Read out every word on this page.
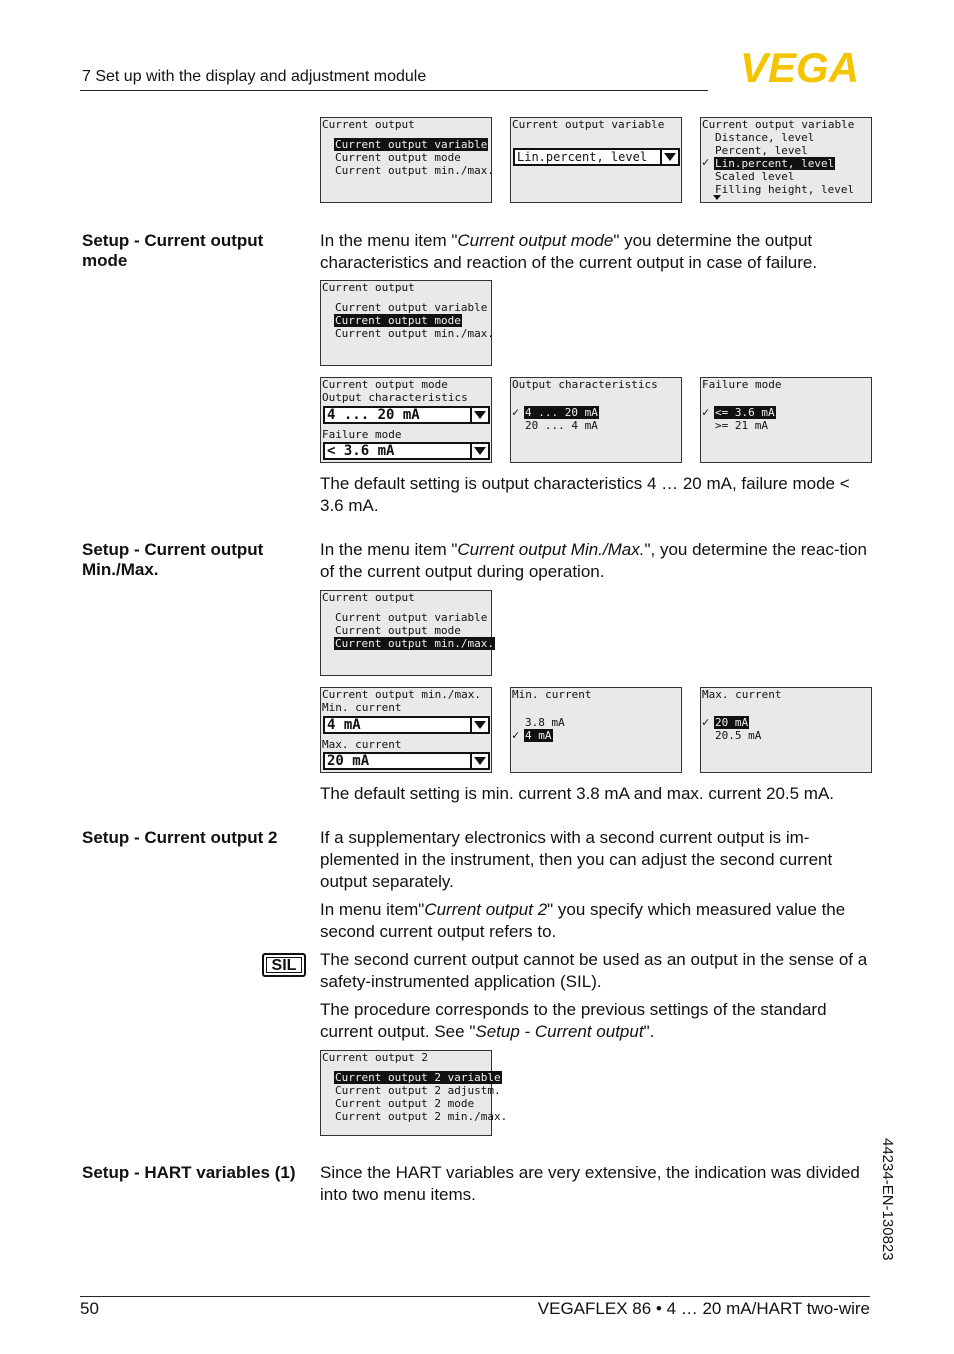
7 Set up with the display and adjustment module	VEGA
Current output
Current output variable
Current output mode
Current output min./max.
Current output variable
Lin.percent, level
Current output variable
Distance, level
Percent, level
✓ Lin.percent, level
Scaled level
Filling height, level
Setup - Current output mode
In the menu item "Current output mode" you determine the output characteristics and reaction of the current output in case of failure.
Current output
Current output variable
Current output mode
Current output min./max.
Current output mode
Output characteristics
4 ... 20 mA
Failure mode
< 3.6 mA
Output characteristics
✓ 4 ... 20 mA
20 ... 4 mA
Failure mode
✓ <= 3.6 mA
>= 21 mA
The default setting is output characteristics 4 … 20 mA, failure mode < 3.6 mA.
Setup - Current output Min./Max.
In the menu item "Current output Min./Max.", you determine the reac-tion of the current output during operation.
Current output
Current output variable
Current output mode
Current output min./max.
Current output min./max.
Min. current
4 mA
Max. current
20 mA
Min. current
3.8 mA
✓ 4 mA
Max. current
✓ 20 mA
20.5 mA
The default setting is min. current 3.8 mA and max. current 20.5 mA.
Setup - Current output 2	If a supplementary electronics with a second current output is im-plemented in the instrument, then you can adjust the second current output separately.
In menu item"Current output 2" you specify which measured value the second current output refers to.
SIL	The second current output cannot be used as an output in the sense of a safety-instrumented application (SIL).
The procedure corresponds to the previous settings of the standard current output. See "Setup - Current output".
Current output 2
Current output 2 variable
Current output 2 adjustm.
Current output 2 mode
Current output 2 min./max.
Setup - HART variables (1) Since the HART variables are very extensive, the indication was divided into two menu items.	44234-EN-130823
50	VEGAFLEX 86 • 4 … 20 mA/HART two-wire
